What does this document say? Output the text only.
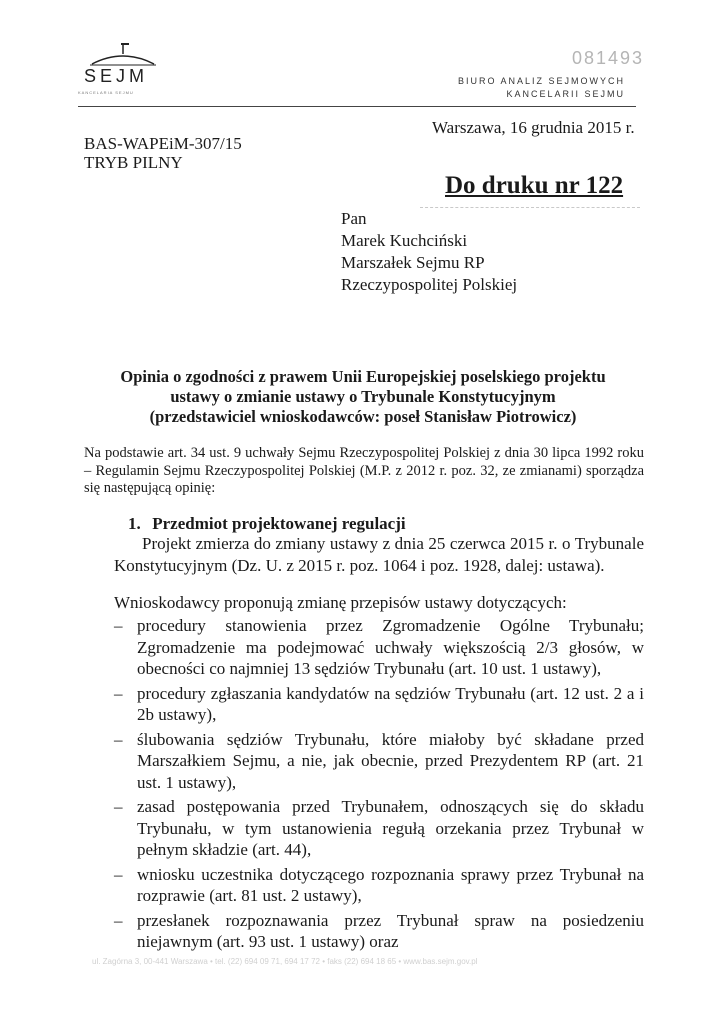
SEJM
KANCELARIA SEJMU
081493
BIURO ANALIZ SEJMOWYCH
KANCELARII SEJMU
Warszawa, 16 grudnia 2015 r.
BAS-WAPEiM-307/15
TRYB PILNY
Do druku nr 122
Pan
Marek Kuchciński
Marszałek Sejmu RP
Rzeczypospolitej Polskiej
Opinia o zgodności z prawem Unii Europejskiej poselskiego projektu
ustawy o zmianie ustawy o Trybunale Konstytucyjnym
(przedstawiciel wnioskodawców: poseł Stanisław Piotrowicz)
Na podstawie art. 34 ust. 9 uchwały Sejmu Rzeczypospolitej Polskiej z dnia 30 lipca 1992 roku – Regulamin Sejmu Rzeczypospolitej Polskiej (M.P. z 2012 r. poz. 32, ze zmianami) sporządza się następującą opinię:
1. Przedmiot projektowanej regulacji
Projekt zmierza do zmiany ustawy z dnia 25 czerwca 2015 r. o Trybunale Konstytucyjnym (Dz. U. z 2015 r. poz. 1064 i poz. 1928, dalej: ustawa).
Wnioskodawcy proponują zmianę przepisów ustawy dotyczących:
– procedury stanowienia przez Zgromadzenie Ogólne Trybunału; Zgromadzenie ma podejmować uchwały większością 2/3 głosów, w obecności co najmniej 13 sędziów Trybunału (art. 10 ust. 1 ustawy),
– procedury zgłaszania kandydatów na sędziów Trybunału (art. 12 ust. 2 a i 2b ustawy),
– ślubowania sędziów Trybunału, które miałoby być składane przed Marszałkiem Sejmu, a nie, jak obecnie, przed Prezydentem RP (art. 21 ust. 1 ustawy),
– zasad postępowania przed Trybunałem, odnoszących się do składu Trybunału, w tym ustanowienia regułą orzekania przez Trybunał w pełnym składzie (art. 44),
– wniosku uczestnika dotyczącego rozpoznania sprawy przez Trybunał na rozprawie (art. 81 ust. 2 ustawy),
– przesłanek rozpoznawania przez Trybunał spraw na posiedzeniu niejawnym (art. 93 ust. 1 ustawy) oraz
ul. Zagórna 3, 00-441 Warszawa • tel. (22) 694 09 71, 694 17 72 • faks (22) 694 18 65 • www.bas.sejm.gov.pl
